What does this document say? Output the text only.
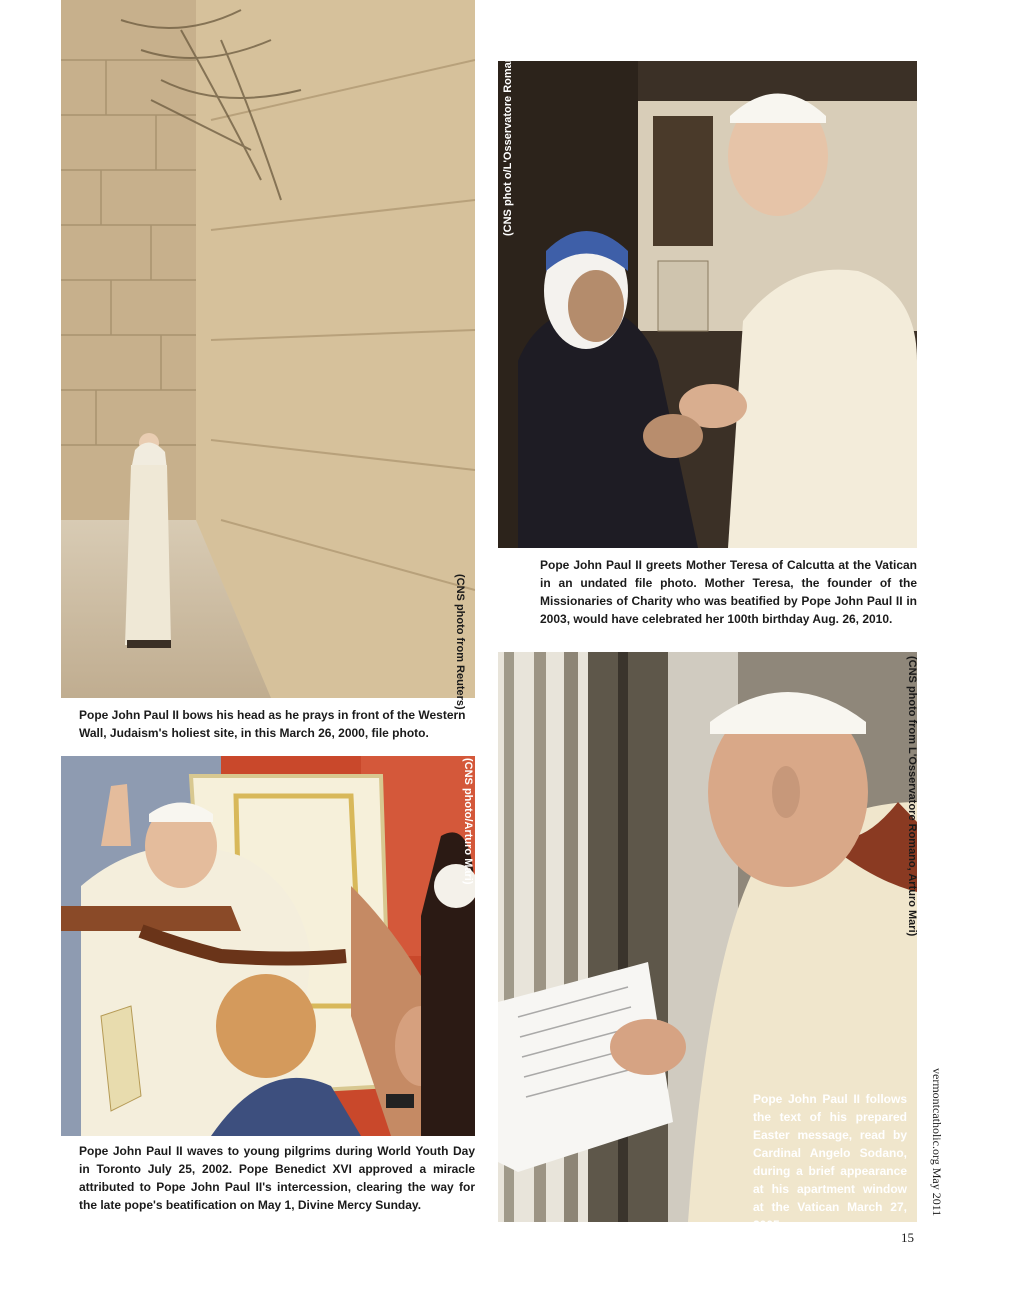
(CNS photo from Reuters)

Pope John Paul II bows his head as he prays in front of the Western Wall, Judaism's holiest site, in this March 26, 2000, file photo.

(CNS phot o/L'Osservatore Romano)

Pope John Paul II greets Mother Teresa of Calcutta at the Vatican in an undated file photo. Mother Teresa, the founder of the Missionaries of Charity who was beatified by Pope John Paul II in 2003, would have celebrated her 100th birthday Aug. 26, 2010.

(CNS photo/Arturo Mari)

Pope John Paul II waves to young pilgrims during World Youth Day in Toronto July 25, 2002. Pope Benedict XVI approved a miracle attributed to Pope John Paul II's intercession, clearing the way for the late pope's beatification on May 1, Divine Mercy Sunday.

(CNS photo from L'Osservatore Romano, Arturo Mari)

Pope John Paul II follows the text of his prepared Easter message, read by Cardinal Angelo Sodano, during a brief appearance at his apartment window at the Vatican March 27, 2005.

vermontcatholic.org May 2011
15
